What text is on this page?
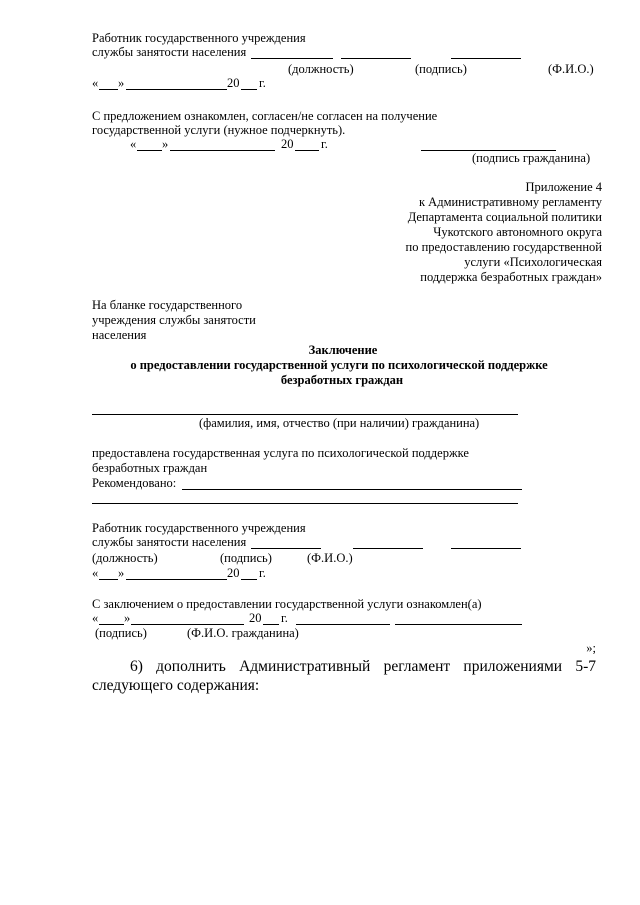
Работник государственного учреждения
службы занятости населения
(должность)	(подпись)	(Ф.И.О.)
« »	20 г.
С предложением ознакомлен, согласен/не согласен на получение
государственной услуги (нужное подчеркнуть).
« »	20 г.
(подпись гражданина)
Приложение 4
к Административному регламенту
Департамента социальной политики
Чукотского автономного округа
по предоставлению государственной
услуги «Психологическая
поддержка безработных граждан»
На бланке государственного
учреждения службы занятости
населения
Заключение
о предоставлении государственной услуги по психологической поддержке
безработных граждан
(фамилия, имя, отчество (при наличии) гражданина)
предоставлена государственная услуга по психологической поддержке
безработных граждан
Рекомендовано:
Работник государственного учреждения
службы занятости населения
(должность)	(подпись)	(Ф.И.О.)
« »	20 г.
С заключением о предоставлении государственной услуги ознакомлен(а)
« »	20 г.
(подпись)	(Ф.И.О. гражданина)
»;
6) дополнить Административный регламент приложениями 5-7
следующего содержания:
